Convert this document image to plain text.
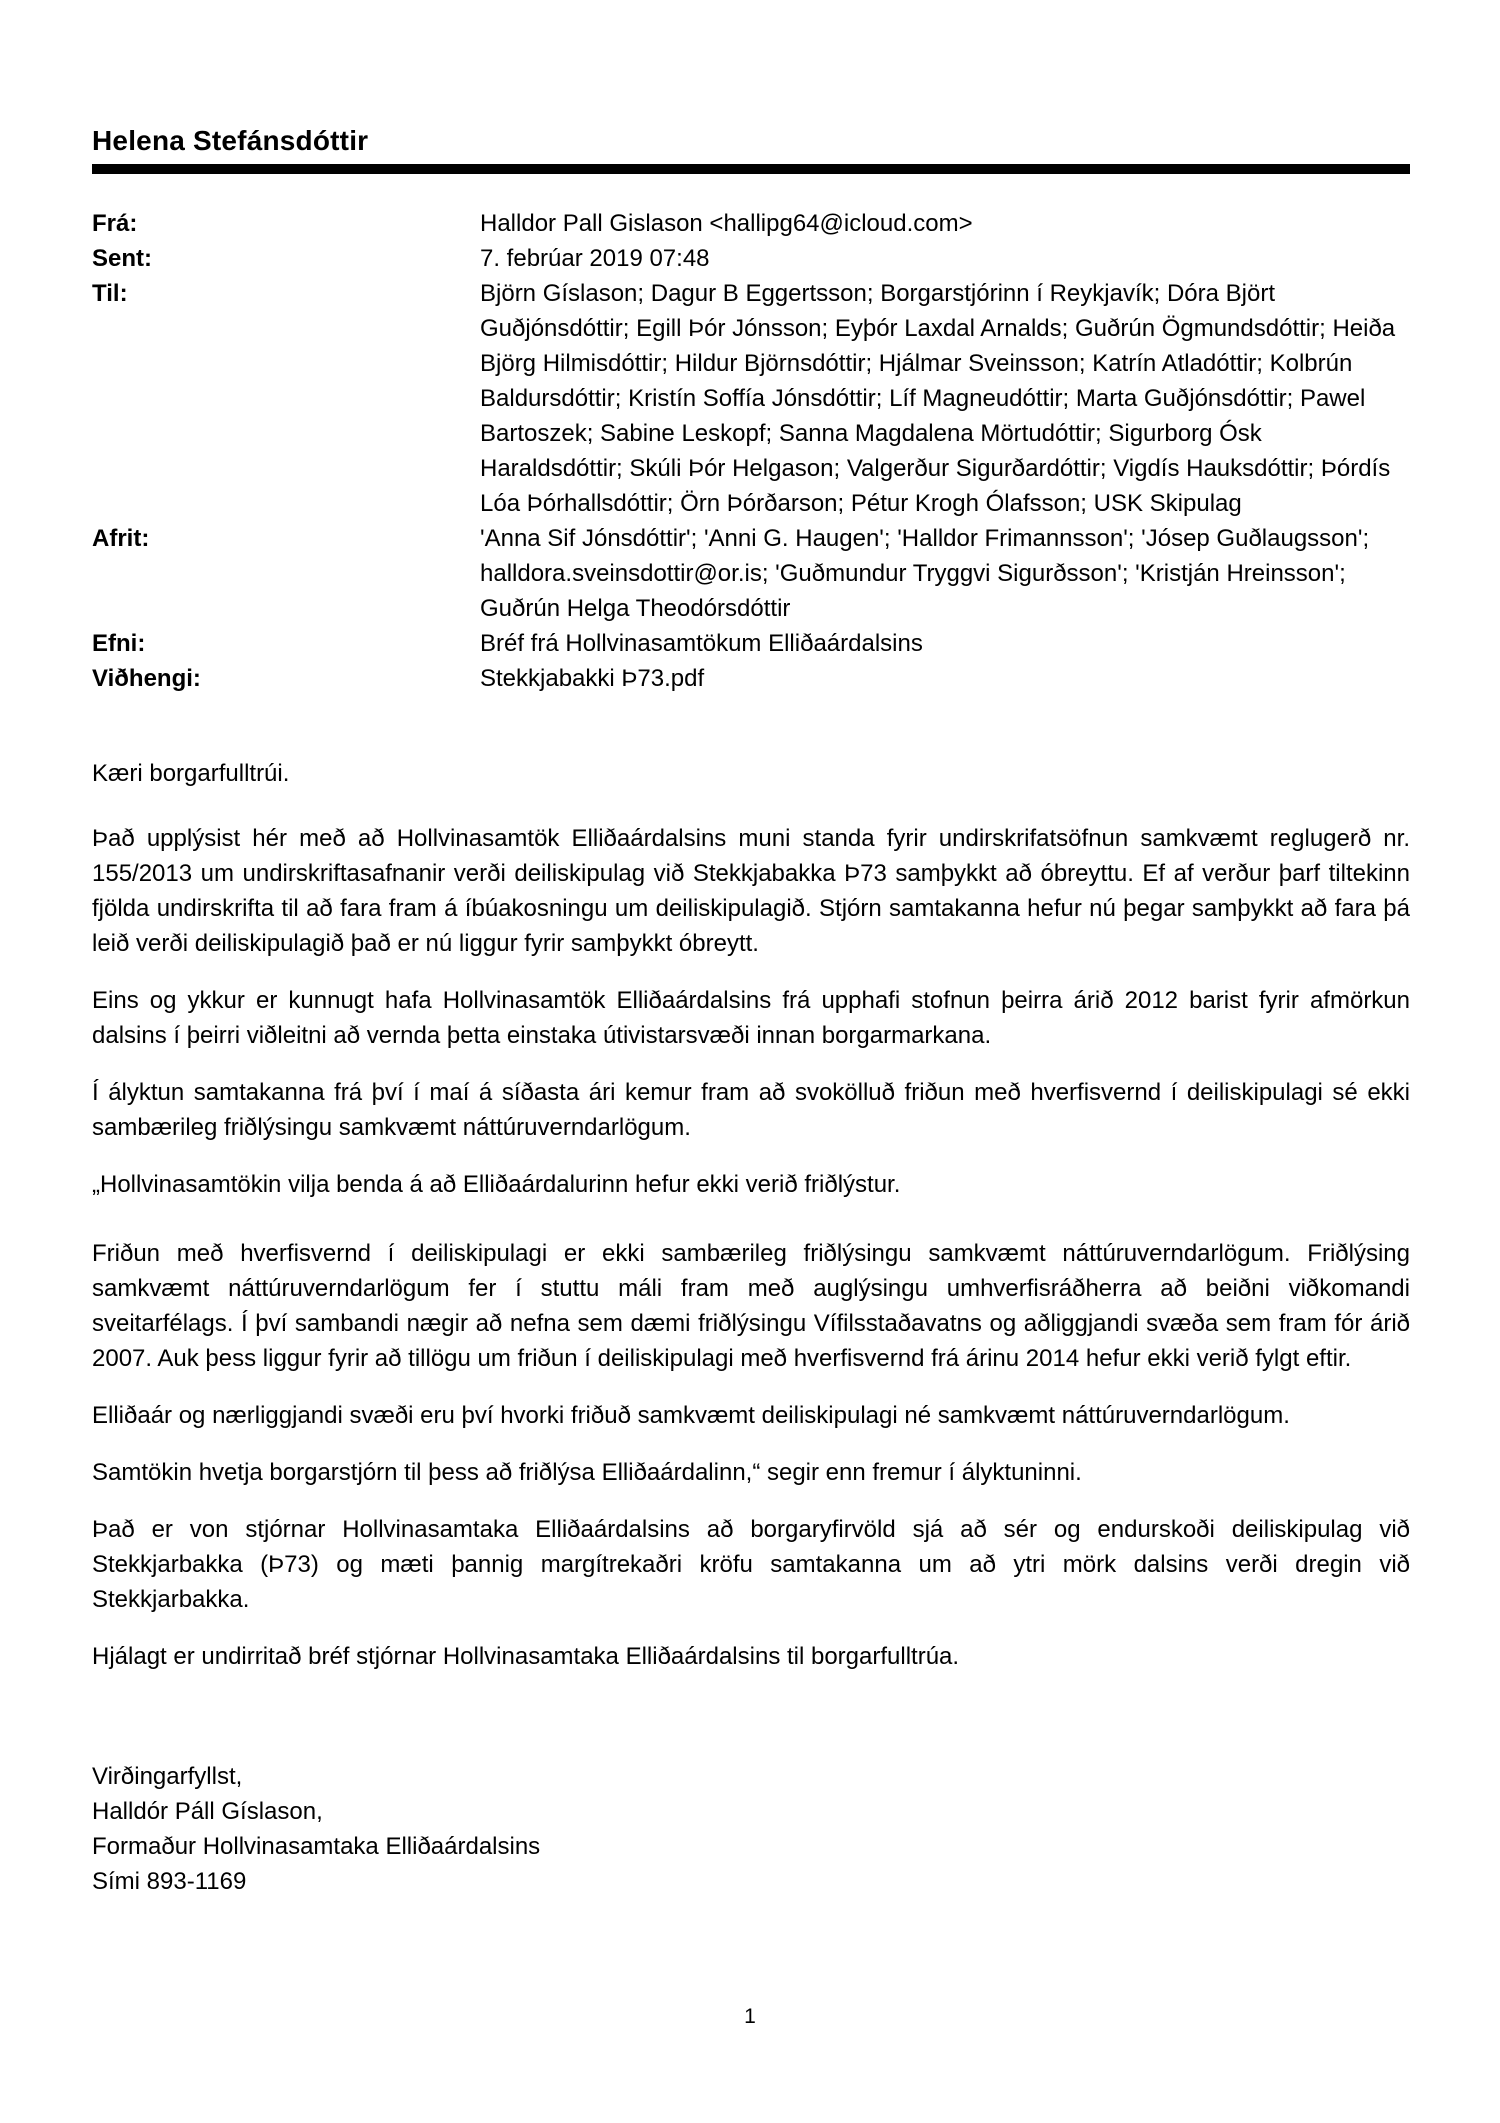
Helena Stefánsdóttir
Frá:	Halldor Pall Gislason <hallipg64@icloud.com>
Sent:	7. febrúar 2019 07:48
Til:	Björn Gíslason; Dagur B Eggertsson; Borgarstjórinn í Reykjavík; Dóra Björt Guðjónsdóttir; Egill Þór Jónsson; Eyþór Laxdal Arnalds; Guðrún Ögmundsdóttir; Heiða Björg Hilmisdóttir; Hildur Björnsdóttir; Hjálmar Sveinsson; Katrín Atladóttir; Kolbrún Baldursdóttir; Kristín Soffía Jónsdóttir; Líf Magneudóttir; Marta Guðjónsdóttir; Pawel Bartoszek; Sabine Leskopf; Sanna Magdalena Mörtudóttir; Sigurborg Ósk Haraldsdóttir; Skúli Þór Helgason; Valgerður Sigurðardóttir; Vigdís Hauksdóttir; Þórdís Lóa Þórhallsdóttir; Örn Þórðarson; Pétur Krogh Ólafsson; USK Skipulag
Afrit:	'Anna Sif Jónsdóttir'; 'Anni G. Haugen'; 'Halldor Frimannsson'; 'Jósep Guðlaugsson'; halldora.sveinsdottir@or.is; 'Guðmundur Tryggvi Sigurðsson'; 'Kristján Hreinsson'; Guðrún Helga Theodórsdóttir
Efni:	Bréf frá Hollvinasamtökum Elliðaárdalsins
Viðhengi:	Stekkjabakki Þ73.pdf

Kæri borgarfulltrúi.

Það upplýsist hér með að Hollvinasamtök Elliðaárdalsins muni standa fyrir undirskrifatsöfnun samkvæmt reglugerð nr. 155/2013 um undirskriftasafnanir verði deiliskipulag við Stekkjabakka Þ73 samþykkt að óbreyttu. Ef af verður þarf tiltekinn fjölda undirskrifta til að fara fram á íbúakosningu um deiliskipulagið. Stjórn samtakanna hefur nú þegar samþykkt að fara þá leið verði deiliskipulagið það er nú liggur fyrir samþykkt óbreytt.

Eins og ykkur er kunnugt hafa Hollvinasamtök Elliðaárdalsins frá upphafi stofnun þeirra árið 2012 barist fyrir afmörkun dalsins í þeirri viðleitni að vernda þetta einstaka útivistarsvæði innan borgarmarkana.

Í ályktun samtakanna frá því í maí á síðasta ári kemur fram að svokölluð friðun með hverfisvernd í deiliskipulagi sé ekki sambærileg friðlýsingu samkvæmt náttúruverndarlögum.

„Hollvinasamtökin vilja benda á að Elliðaárdalurinn hefur ekki verið friðlýstur.

Friðun með hverfisvernd í deiliskipulagi er ekki sambærileg friðlýsingu samkvæmt náttúruverndarlögum. Friðlýsing samkvæmt náttúruverndarlögum fer í stuttu máli fram með auglýsingu umhverfisráðherra að beiðni viðkomandi sveitarfélags. Í því sambandi nægir að nefna sem dæmi friðlýsingu Vífilsstaðavatns og aðliggjandi svæða sem fram fór árið 2007. Auk þess liggur fyrir að tillögu um friðun í deiliskipulagi með hverfisvernd frá árinu 2014 hefur ekki verið fylgt eftir.

Elliðaár og nærliggjandi svæði eru því hvorki friðuð samkvæmt deiliskipulagi né samkvæmt náttúruverndarlögum.

Samtökin hvetja borgarstjórn til þess að friðlýsa Elliðaárdalinn,“ segir enn fremur í ályktuninni.

Það er von stjórnar Hollvinasamtaka Elliðaárdalsins að borgaryfirvöld sjá að sér og endurskoði deiliskipulag við Stekkjarbakka (Þ73) og mæti þannig margítrekaðri kröfu samtakanna um að ytri mörk dalsins verði dregin við Stekkjarbakka.

Hjálagt er undirritað bréf stjórnar Hollvinasamtaka Elliðaárdalsins til borgarfulltrúa.

Virðingarfyllst,
Halldór Páll Gíslason,
Formaður Hollvinasamtaka Elliðaárdalsins
Sími 893-1169
1
